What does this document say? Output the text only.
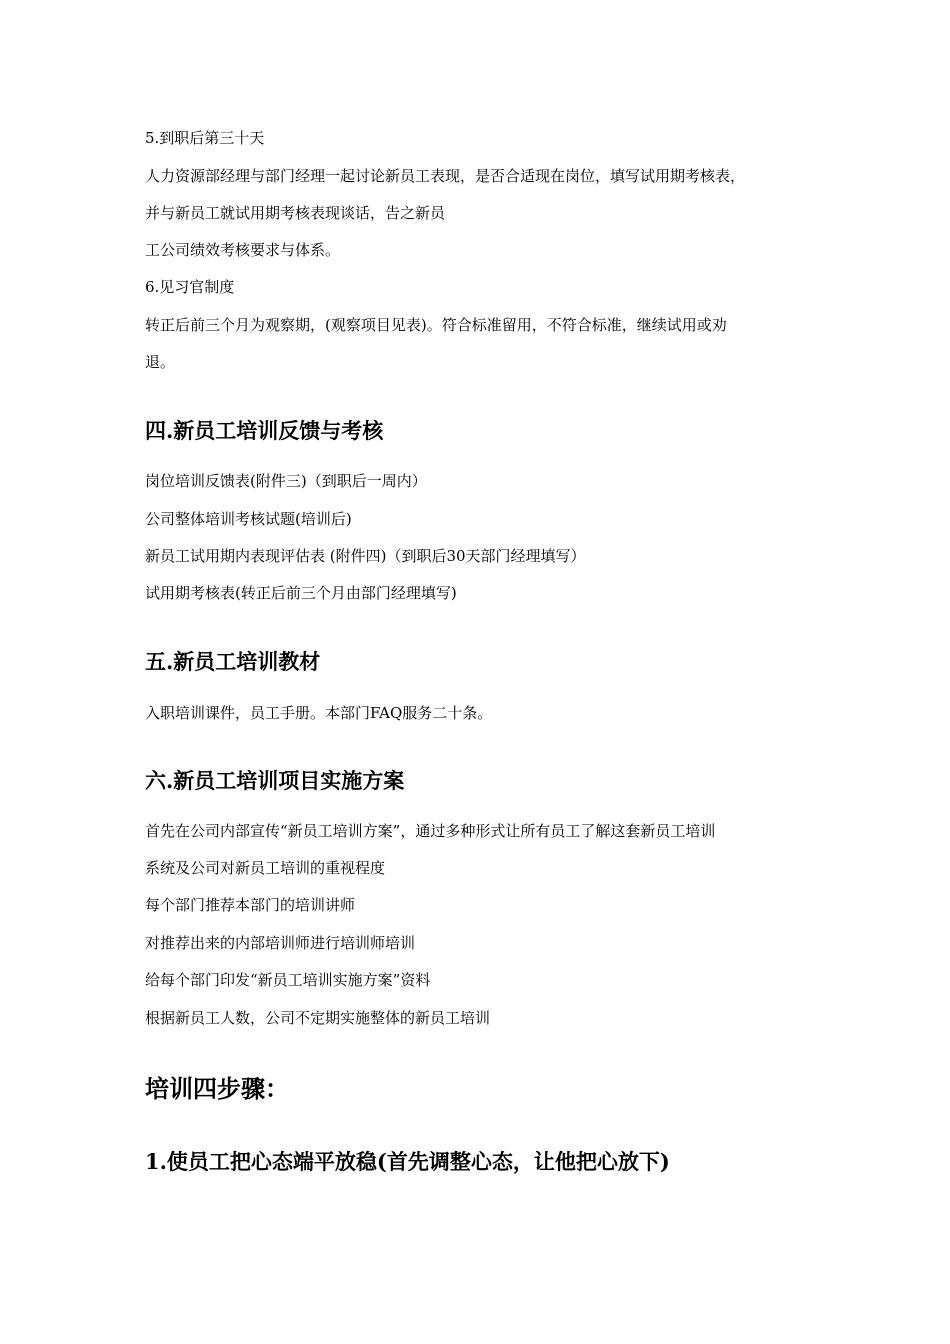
5.到职后第三十天
人力资源部经理与部门经理一起讨论新员工表现，是否合适现在岗位，填写试用期考核表，
并与新员工就试用期考核表现谈话，告之新员
工公司绩效考核要求与体系。
6.见习官制度
转正后前三个月为观察期，(观察项目见表)。符合标准留用，不符合标准，继续试用或劝
退。
四.新员工培训反馈与考核
岗位培训反馈表(附件三)（到职后一周内）
公司整体培训考核试题(培训后)
新员工试用期内表现评估表 (附件四)（到职后30天部门经理填写）
试用期考核表(转正后前三个月由部门经理填写)
五.新员工培训教材
入职培训课件，员工手册。本部门FAQ服务二十条。
六.新员工培训项目实施方案
首先在公司内部宣传“新员工培训方案”，通过多种形式让所有员工了解这套新员工培训
系统及公司对新员工培训的重视程度
每个部门推荐本部门的培训讲师
对推荐出来的内部培训师进行培训师培训
给每个部门印发“新员工培训实施方案”资料
根据新员工人数，公司不定期实施整体的新员工培训
培训四步骤：
1.使员工把心态端平放稳(首先调整心态，让他把心放下)
